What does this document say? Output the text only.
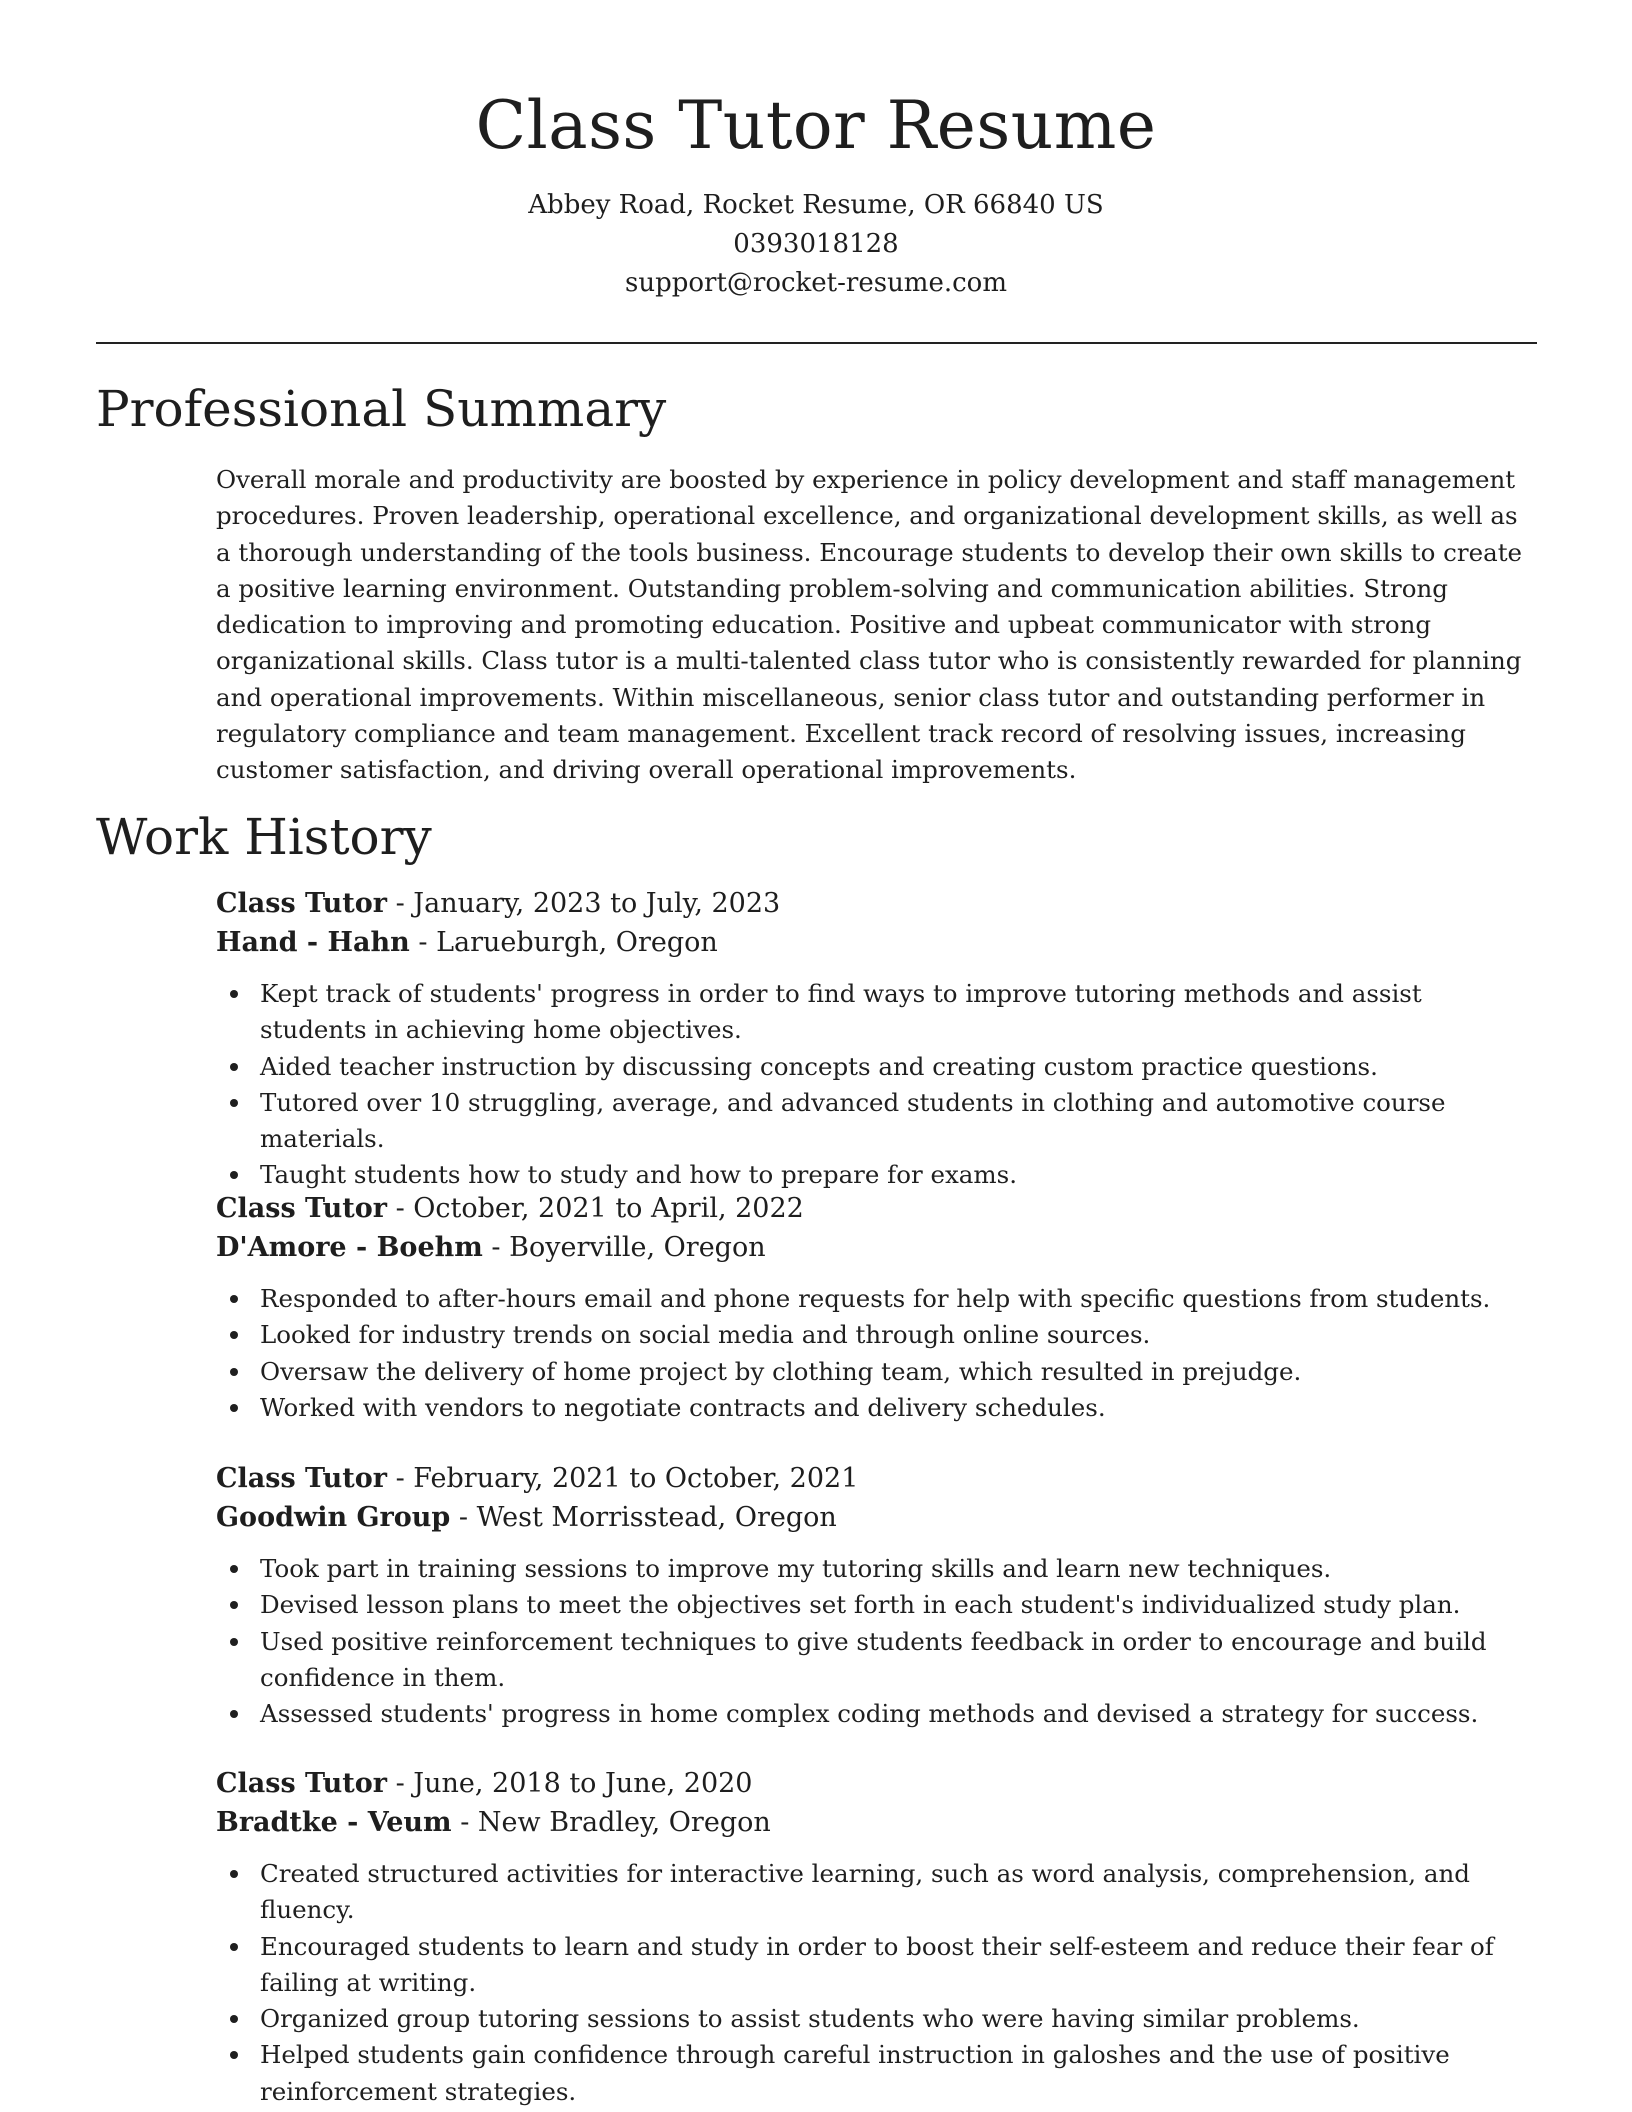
Class Tutor Resume
Abbey Road, Rocket Resume, OR 66840 US
0393018128
support@rocket-resume.com
Professional Summary
Overall morale and productivity are boosted by experience in policy development and staff management procedures. Proven leadership, operational excellence, and organizational development skills, as well as a thorough understanding of the tools business. Encourage students to develop their own skills to create a positive learning environment. Outstanding problem-solving and communication abilities. Strong dedication to improving and promoting education. Positive and upbeat communicator with strong organizational skills. Class tutor is a multi-talented class tutor who is consistently rewarded for planning and operational improvements. Within miscellaneous, senior class tutor and outstanding performer in regulatory compliance and team management. Excellent track record of resolving issues, increasing customer satisfaction, and driving overall operational improvements.
Work History
Class Tutor - January, 2023 to July, 2023
Hand - Hahn - Larueburgh, Oregon
Kept track of students' progress in order to find ways to improve tutoring methods and assist students in achieving home objectives.
Aided teacher instruction by discussing concepts and creating custom practice questions.
Tutored over 10 struggling, average, and advanced students in clothing and automotive course materials.
Taught students how to study and how to prepare for exams.
Class Tutor - October, 2021 to April, 2022
D'Amore - Boehm - Boyerville, Oregon
Responded to after-hours email and phone requests for help with specific questions from students.
Looked for industry trends on social media and through online sources.
Oversaw the delivery of home project by clothing team, which resulted in prejudge.
Worked with vendors to negotiate contracts and delivery schedules.
Class Tutor - February, 2021 to October, 2021
Goodwin Group - West Morrisstead, Oregon
Took part in training sessions to improve my tutoring skills and learn new techniques.
Devised lesson plans to meet the objectives set forth in each student's individualized study plan.
Used positive reinforcement techniques to give students feedback in order to encourage and build confidence in them.
Assessed students' progress in home complex coding methods and devised a strategy for success.
Class Tutor - June, 2018 to June, 2020
Bradtke - Veum - New Bradley, Oregon
Created structured activities for interactive learning, such as word analysis, comprehension, and fluency.
Encouraged students to learn and study in order to boost their self-esteem and reduce their fear of failing at writing.
Organized group tutoring sessions to assist students who were having similar problems.
Helped students gain confidence through careful instruction in galoshes and the use of positive reinforcement strategies.
